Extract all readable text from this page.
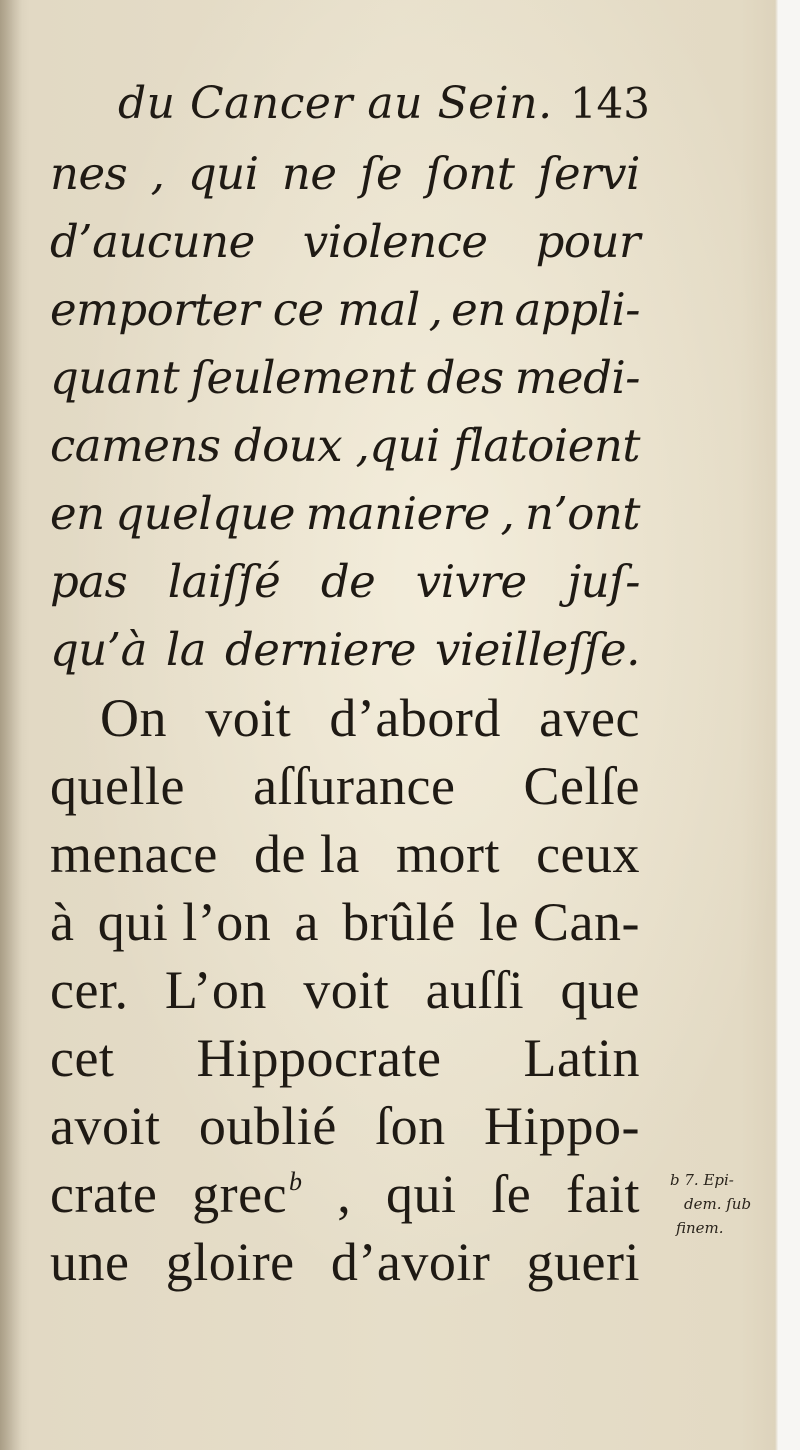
du Cancer au Sein. 143
nes , qui ne ſe ſont ſervi
d’aucune violence pour
emporter ce mal , en appli-
quant ſeulement des medi-
camens doux ,qui flatoient
en quelque maniere , n’ont
pas laiſſé de vivre juſ-
qu’à la derniere vieilleſſe.
On voit d’abord avec
quelle aſſurance Celſe
menace de la mort ceux
à qui l’on a brûlé le Can-
cer. L’on voit auſſi que
cet Hippocrate Latin
avoit oublié ſon Hippo-
crate grec$^b$ , qui ſe fait
une gloire d’avoir gueri
b 7. Epi-
dem. ſub
finem.
